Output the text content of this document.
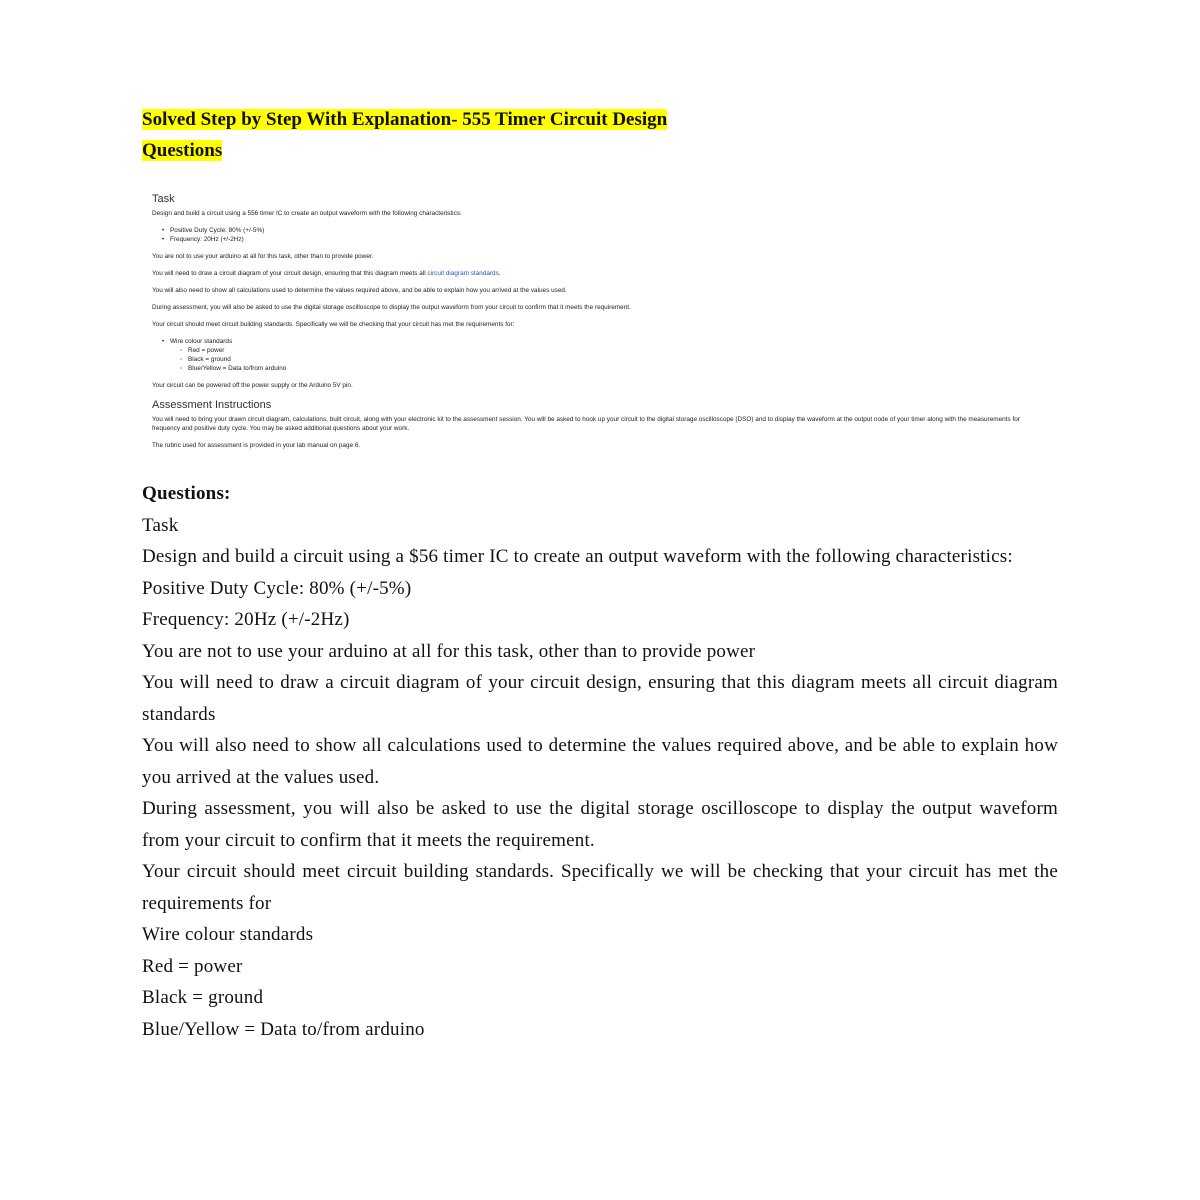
Solved Step by Step With Explanation- 555 Timer Circuit Design
Questions
Task
Design and build a circuit using a 556 timer IC to create an output waveform with the following characteristics:
• Positive Duty Cycle: 80% (+/-5%)
• Frequency: 20Hz (+/-2Hz)
You are not to use your arduino at all for this task, other than to provide power.
You will need to draw a circuit diagram of your circuit design, ensuring that this diagram meets all circuit diagram standards.
You will also need to show all calculations used to determine the values required above, and be able to explain how you arrived at the values used.
During assessment, you will also be asked to use the digital storage oscilloscope to display the output waveform from your circuit to confirm that it meets the requirement.
Your circuit should meet circuit building standards. Specifically we will be checking that your circuit has met the requirements for:
• Wire colour standards
◦ Red = power
◦ Black = ground
◦ Blue/Yellow = Data to/from arduino
Your circuit can be powered off the power supply or the Arduino 5V pin.
Assessment Instructions
You will need to bring your drawn circuit diagram, calculations, built circuit, along with your electronic kit to the assessment session. You will be asked to hook up your circuit to the digital storage oscilloscope (DSO) and to display the waveform at the output node of your timer along with the measurements for frequency and positive duty cycle. You may be asked additional questions about your work.
The rubric used for assessment is provided in your lab manual on page 6.
Questions:
Task
Design and build a circuit using a $56 timer IC to create an output waveform with the following characteristics:
Positive Duty Cycle: 80% (+/-5%)
Frequency: 20Hz (+/-2Hz)
You are not to use your arduino at all for this task, other than to provide power
You will need to draw a circuit diagram of your circuit design, ensuring that this diagram meets all circuit diagram standards
You will also need to show all calculations used to determine the values required above, and be able to explain how you arrived at the values used.
During assessment, you will also be asked to use the digital storage oscilloscope to display the output waveform from your circuit to confirm that it meets the requirement.
Your circuit should meet circuit building standards. Specifically we will be checking that your circuit has met the requirements for
Wire colour standards
Red = power
Black = ground
Blue/Yellow = Data to/from arduino
